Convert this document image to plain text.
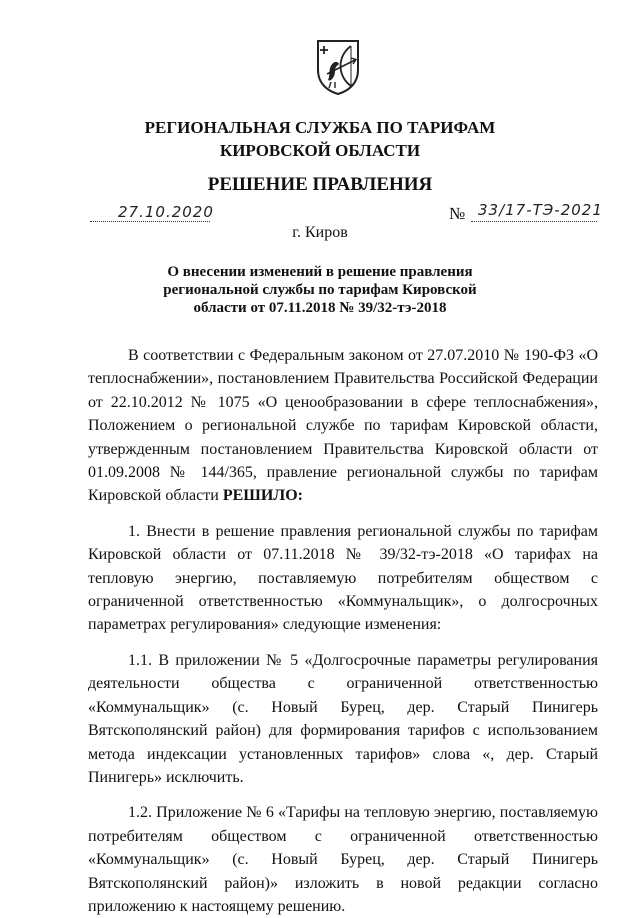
РЕГИОНАЛЬНАЯ СЛУЖБА ПО ТАРИФАМ
КИРОВСКОЙ ОБЛАСТИ
РЕШЕНИЕ ПРАВЛЕНИЯ
27.10.2020	№ 33/17-ТЭ-2021
г. Киров
О внесении изменений в решение правления
региональной службы по тарифам Кировской
области от 07.11.2018 № 39/32-тэ-2018

В соответствии с Федеральным законом от 27.07.2010 № 190-ФЗ «О теплоснабжении», постановлением Правительства Российской Федерации от 22.10.2012 № 1075 «О ценообразовании в сфере теплоснабжения», Положением о региональной службе по тарифам Кировской области, утвержденным постановлением Правительства Кировской области от 01.09.2008 № 144/365, правление региональной службы по тарифам Кировской области РЕШИЛО:

1. Внести в решение правления региональной службы по тарифам Кировской области от 07.11.2018 № 39/32-тэ-2018 «О тарифах на тепловую энергию, поставляемую потребителям обществом с ограниченной ответственностью «Коммунальщик», о долгосрочных параметрах регулирования» следующие изменения:

1.1. В приложении № 5 «Долгосрочные параметры регулирования деятельности общества с ограниченной ответственностью «Коммунальщик» (с. Новый Бурец, дер. Старый Пинигерь Вятскополянский район) для формирования тарифов с использованием метода индексации установленных тарифов» слова «, дер. Старый Пинигерь» исключить.

1.2. Приложение № 6 «Тарифы на тепловую энергию, поставляемую потребителям обществом с ограниченной ответственностью «Коммунальщик» (с. Новый Бурец, дер. Старый Пинигерь Вятскополянский район)» изложить в новой редакции согласно приложению к настоящему решению.
